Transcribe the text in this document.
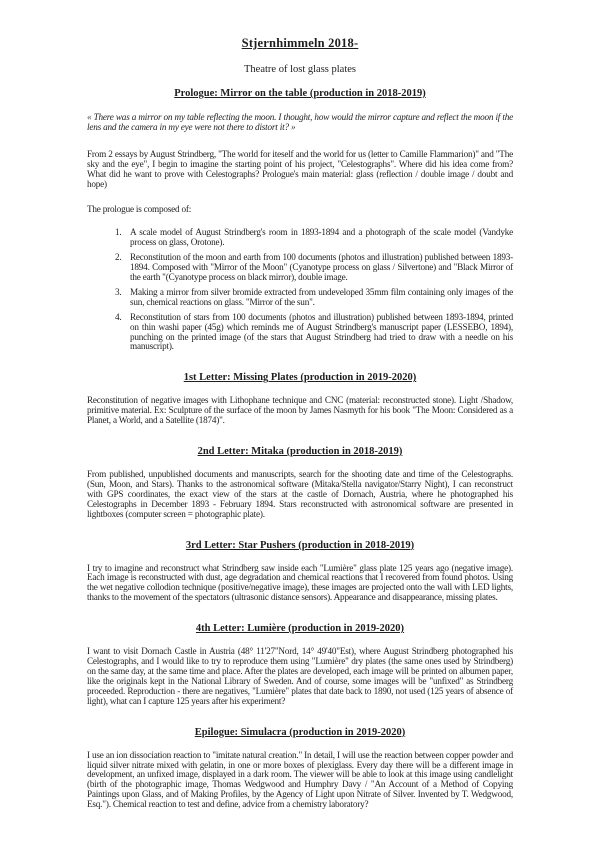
Stjernhimmeln 2018-

Theatre of lost glass plates

Prologue: Mirror on the table (production in 2018-2019)

« There was a mirror on my table reflecting the moon. I thought, how would the mirror capture and reflect the moon if the lens and the camera in my eye were not there to distort it? »

From 2 essays by August Strindberg, "The world for iteself and the world for us (letter to Camille Flammarion)" and "The sky and the eye", I begin to imagine the starting point of his project, "Celestographs". Where did his idea come from? What did he want to prove with Celestographs? Prologue's main material: glass (reflection / double image / doubt and hope)

The prologue is composed of:

1. A scale model of August Strindberg's room in 1893-1894 and a photograph of the scale model (Vandyke process on glass, Orotone).
2. Reconstitution of the moon and earth from 100 documents (photos and illustration) published between 1893-1894. Composed with "Mirror of the Moon" (Cyanotype process on glass / Silvertone) and "Black Mirror of the earth "(Cyanotype process on black mirror), double image.
3. Making a mirror from silver bromide extracted from undeveloped 35mm film containing only images of the sun, chemical reactions on glass. "Mirror of the sun".
4. Reconstitution of stars from 100 documents (photos and illustration) published between 1893-1894, printed on thin washi paper (45g) which reminds me of August Strindberg's manuscript paper (LESSEBO, 1894), punching on the printed image (of the stars that August Strindberg had tried to draw with a needle on his manuscript).
1st Letter: Missing Plates (production in 2019-2020)

Reconstitution of negative images with Lithophane technique and CNC (material: reconstructed stone). Light /Shadow, primitive material. Ex: Sculpture of the surface of the moon by James Nasmyth for his book "The Moon: Considered as a Planet, a World, and a Satellite (1874)".

2nd Letter: Mitaka (production in 2018-2019)

From published, unpublished documents and manuscripts, search for the shooting date and time of the Celestographs. (Sun, Moon, and Stars). Thanks to the astronomical software (Mitaka/Stella navigator/Starry Night), I can reconstruct with GPS coordinates, the exact view of the stars at the castle of Dornach, Austria, where he photographed his Celestographs in December 1893 - February 1894. Stars reconstructed with astronomical software are presented in lightboxes (computer screen = photographic plate).

3rd Letter: Star Pushers (production in 2018-2019)

I try to imagine and reconstruct what Strindberg saw inside each "Lumière" glass plate 125 years ago (negative image). Each image is reconstructed with dust, age degradation and chemical reactions that I recovered from found photos. Using the wet negative collodion technique (positive/negative image), these images are projected onto the wall with LED lights, thanks to the movement of the spectators (ultrasonic distance sensors). Appearance and disappearance, missing plates.

4th Letter: Lumière (production in 2019-2020)

I want to visit Dornach Castle in Austria (48° 11'27"Nord, 14° 49'40"Est), where August Strindberg photographed his Celestographs, and I would like to try to reproduce them using "Lumière" dry plates (the same ones used by Strindberg) on the same day, at the same time and place. After the plates are developed, each image will be printed on albumen paper, like the originals kept in the National Library of Sweden. And of course, some images will be "unfixed" as Strindberg proceeded. Reproduction - there are negatives, "Lumière" plates that date back to 1890, not used (125 years of absence of light), what can I capture 125 years after his experiment?

Epilogue: Simulacra (production in 2019-2020)

I use an ion dissociation reaction to "imitate natural creation." In detail, I will use the reaction between copper powder and liquid silver nitrate mixed with gelatin, in one or more boxes of plexiglass. Every day there will be a different image in development, an unfixed image, displayed in a dark room. The viewer will be able to look at this image using candlelight (birth of the photographic image, Thomas Wedgwood and Humphry Davy / "An Account of a Method of Copying Paintings upon Glass, and of Making Profiles, by the Agency of Light upon Nitrate of Silver. Invented by T. Wedgwood, Esq."). Chemical reaction to test and define, advice from a chemistry laboratory?
